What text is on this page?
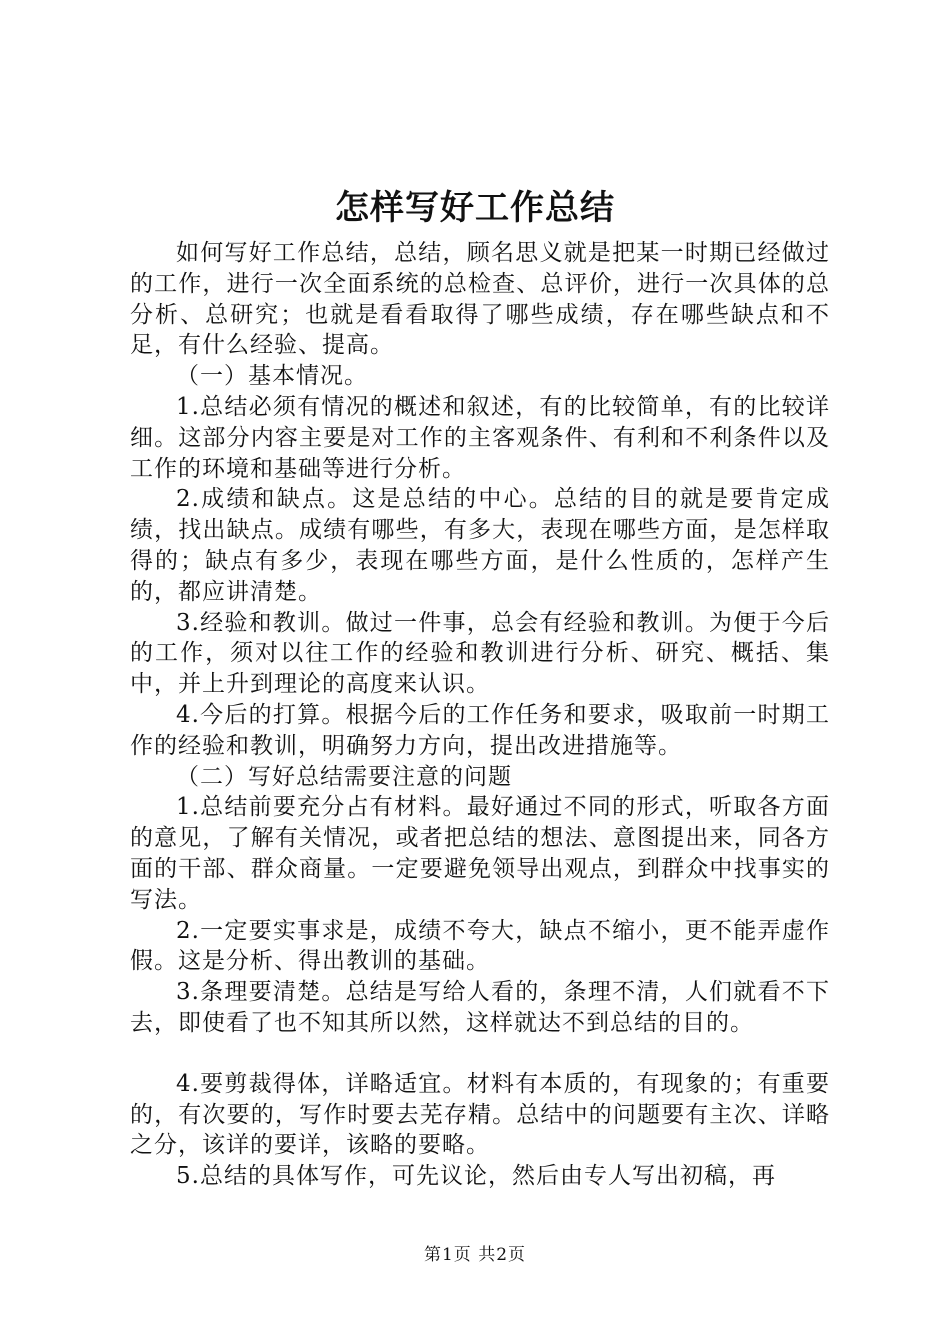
怎样写好工作总结

如何写好工作总结，总结，顾名思义就是把某一时期已经做过的工作，进行一次全面系统的总检查、总评价，进行一次具体的总分析、总研究；也就是看看取得了哪些成绩，存在哪些缺点和不足，有什么经验、提高。

（一）基本情况。

1.总结必须有情况的概述和叙述，有的比较简单，有的比较详细。这部分内容主要是对工作的主客观条件、有利和不利条件以及工作的环境和基础等进行分析。

2.成绩和缺点。这是总结的中心。总结的目的就是要肯定成绩，找出缺点。成绩有哪些，有多大，表现在哪些方面，是怎样取得的；缺点有多少，表现在哪些方面，是什么性质的，怎样产生的，都应讲清楚。

3.经验和教训。做过一件事，总会有经验和教训。为便于今后的工作，须对以往工作的经验和教训进行分析、研究、概括、集中，并上升到理论的高度来认识。

4.今后的打算。根据今后的工作任务和要求，吸取前一时期工作的经验和教训，明确努力方向，提出改进措施等。

（二）写好总结需要注意的问题

1.总结前要充分占有材料。最好通过不同的形式，听取各方面的意见，了解有关情况，或者把总结的想法、意图提出来，同各方面的干部、群众商量。一定要避免领导出观点，到群众中找事实的写法。

2.一定要实事求是，成绩不夸大，缺点不缩小，更不能弄虚作假。这是分析、得出教训的基础。

3.条理要清楚。总结是写给人看的，条理不清，人们就看不下去，即使看了也不知其所以然，这样就达不到总结的目的。

4.要剪裁得体，详略适宜。材料有本质的，有现象的；有重要的，有次要的，写作时要去芜存精。总结中的问题要有主次、详略之分，该详的要详，该略的要略。

5.总结的具体写作，可先议论，然后由专人写出初稿，再

第1页 共2页
